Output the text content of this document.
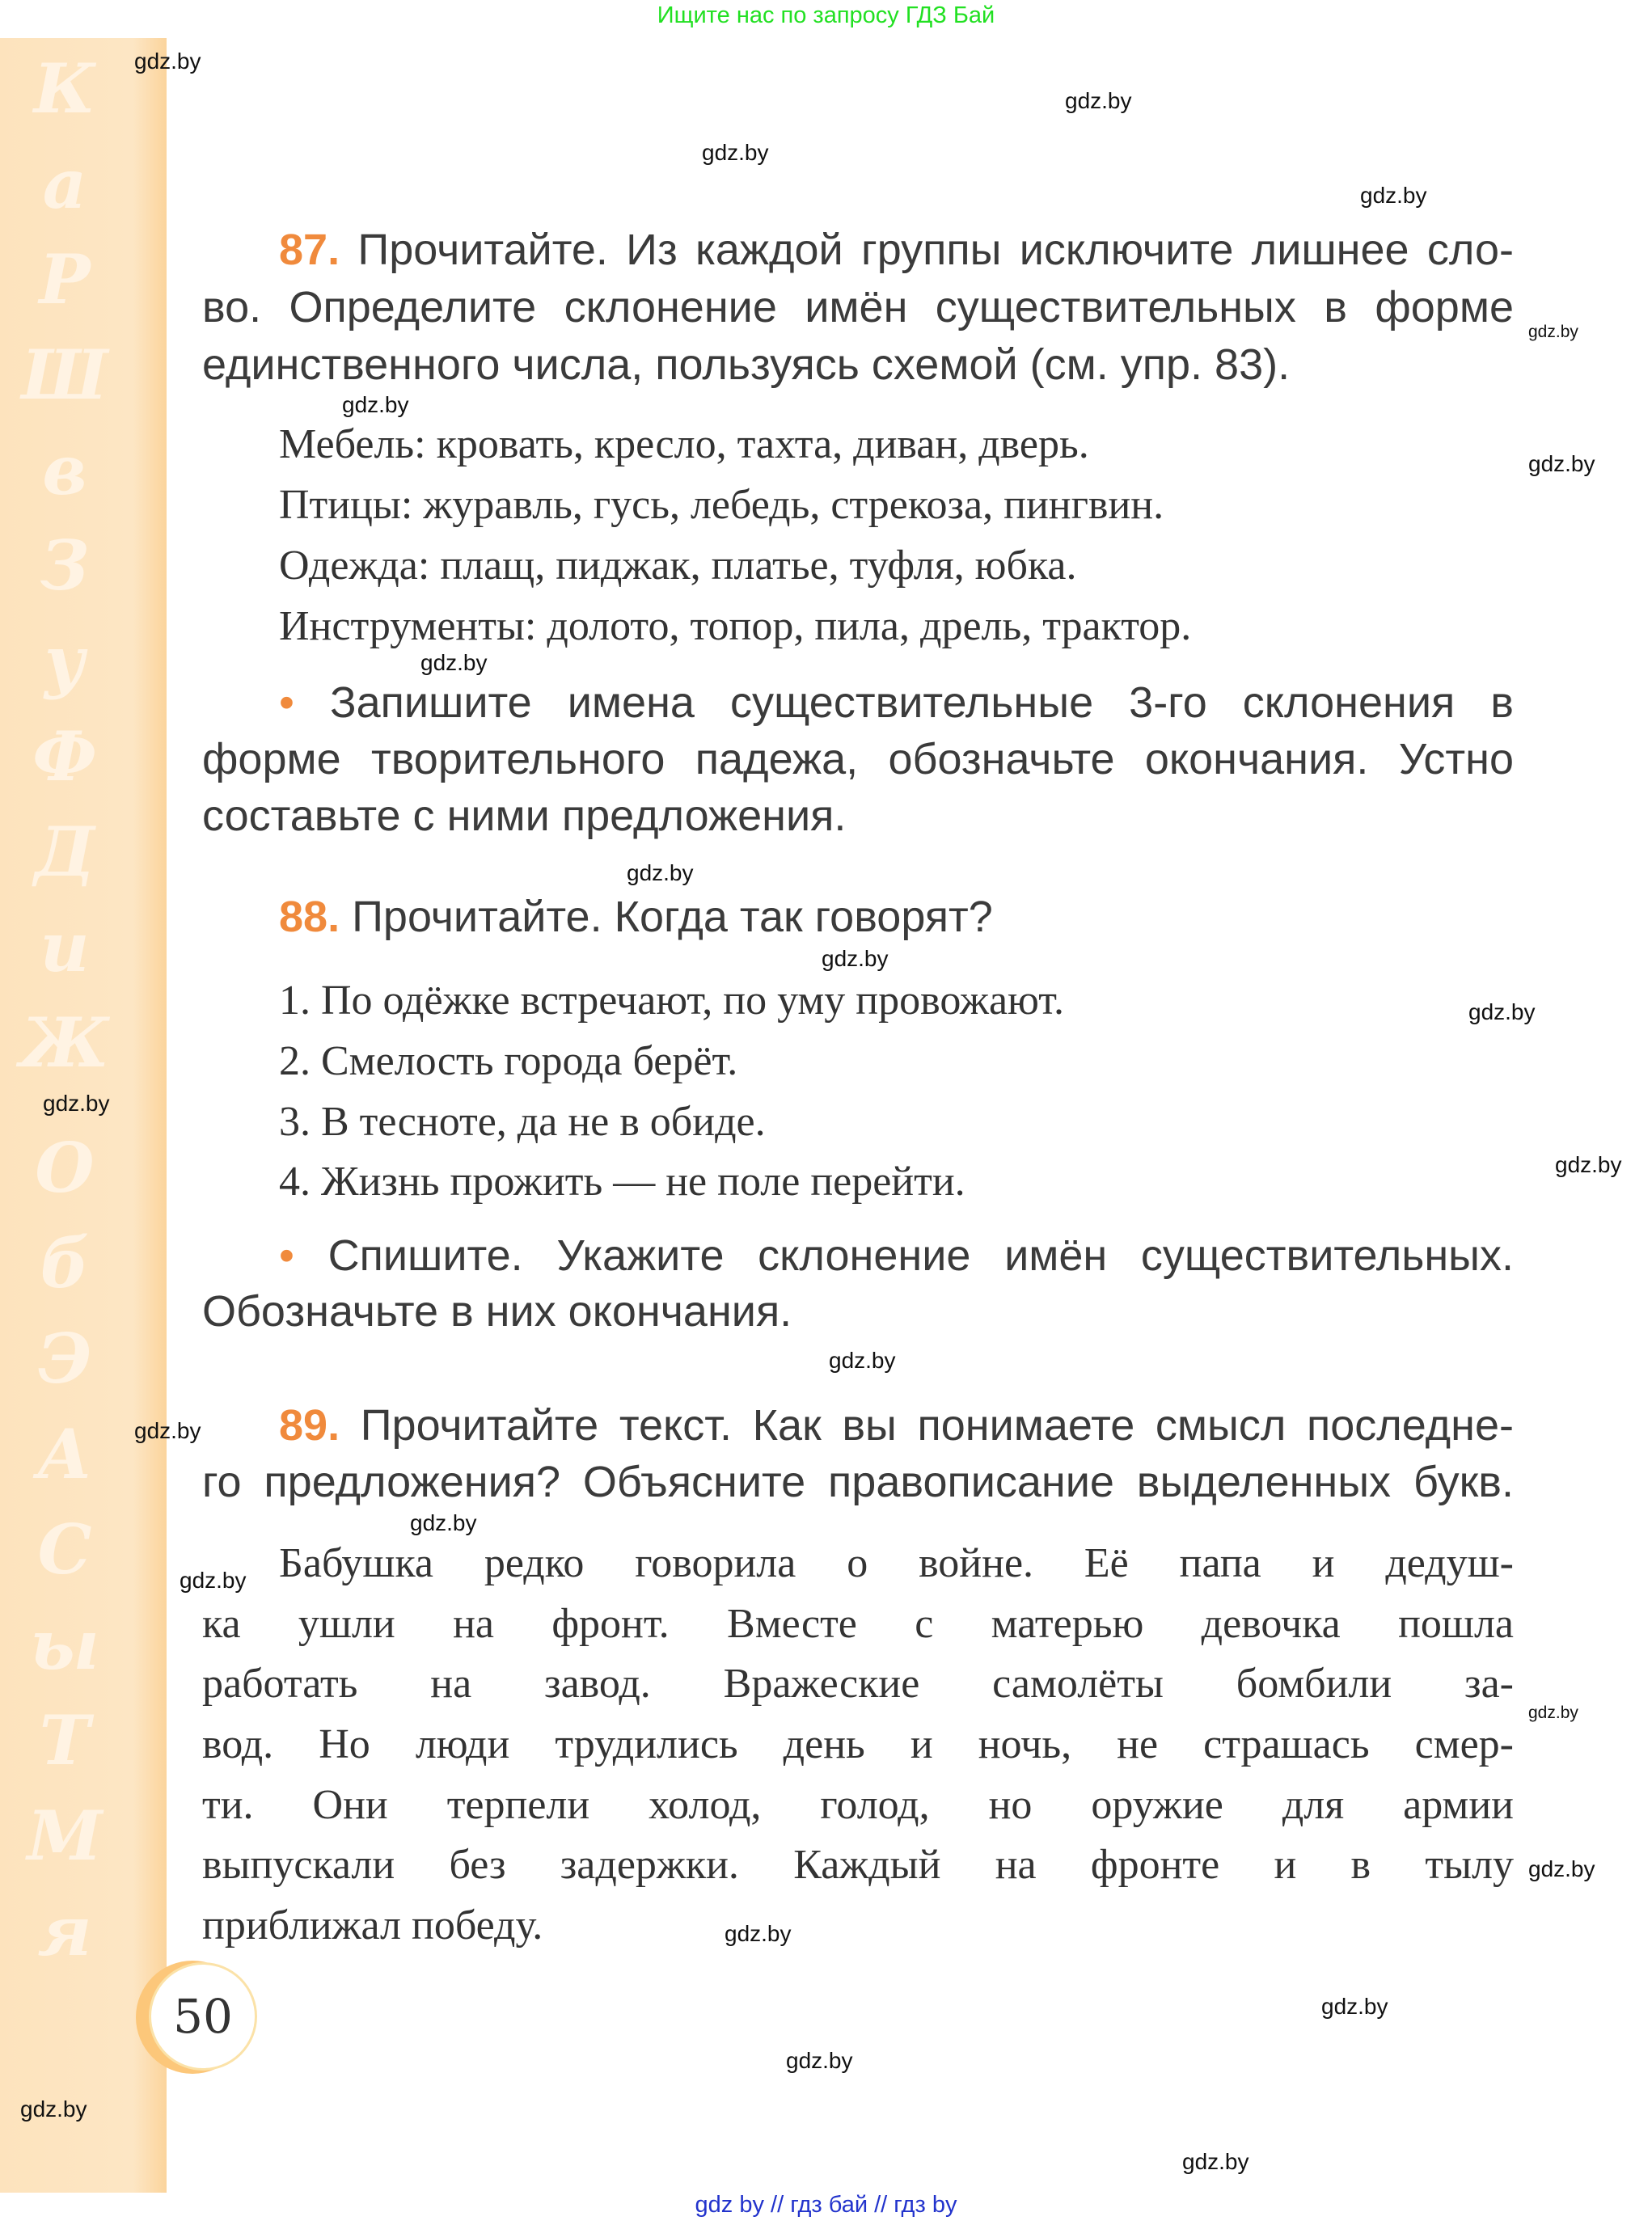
Ищите нас по запросу ГДЗ Бай
К
а
Р
Ш
в
З
у
Ф
Д
и
Ж
О
б
Э
А
С
ы
Т
М
я
87. Прочитайте. Из каждой группы исключите лишнее сло-
во. Определите склонение имён существительных в форме
единственного числа, пользуясь схемой (см. упр. 83).
Мебель: кровать, кресло, тахта, диван, дверь.
Птицы: журавль, гусь, лебедь, стрекоза, пингвин.
Одежда: плащ, пиджак, платье, туфля, юбка.
Инструменты: долото, топор, пила, дрель, трактор.
• Запишите имена существительные 3-го склонения в
форме творительного падежа, обозначьте окончания. Устно
составьте с ними предложения.
88. Прочитайте. Когда так говорят?
1. По одёжке встречают, по уму провожают.
2. Смелость города берёт.
3. В тесноте, да не в обиде.
4. Жизнь прожить — не поле перейти.
• Спишите. Укажите склонение имён существительных.
Обозначьте в них окончания.
89. Прочитайте текст. Как вы понимаете смысл последне-
го предложения? Объясните правописание выделенных букв.
Бабушка редко говорила о войне. Её папа и дедуш-
ка ушли на фронт. Вместе с матерью девочка пошла
работать на завод. Вражеские самолёты бомбили за-
вод. Но люди трудились день и ночь, не страшась смер-
ти. Они терпели холод, голод, но оружие для армии
выпускали без задержки. Каждый на фронте и в тылу
приближал победу.
50
gdz.by
gdz.by
gdz.by
gdz.by
gdz.by
gdz.by
gdz.by
gdz.by
gdz.by
gdz.by
gdz.by
gdz.by
gdz.by
gdz.by
gdz.by
gdz.by
gdz.by
gdz.by
gdz.by
gdz.by
gdz.by
gdz.by
gdz.by
gdz.by
gdz by // гдз бай // гдз by
